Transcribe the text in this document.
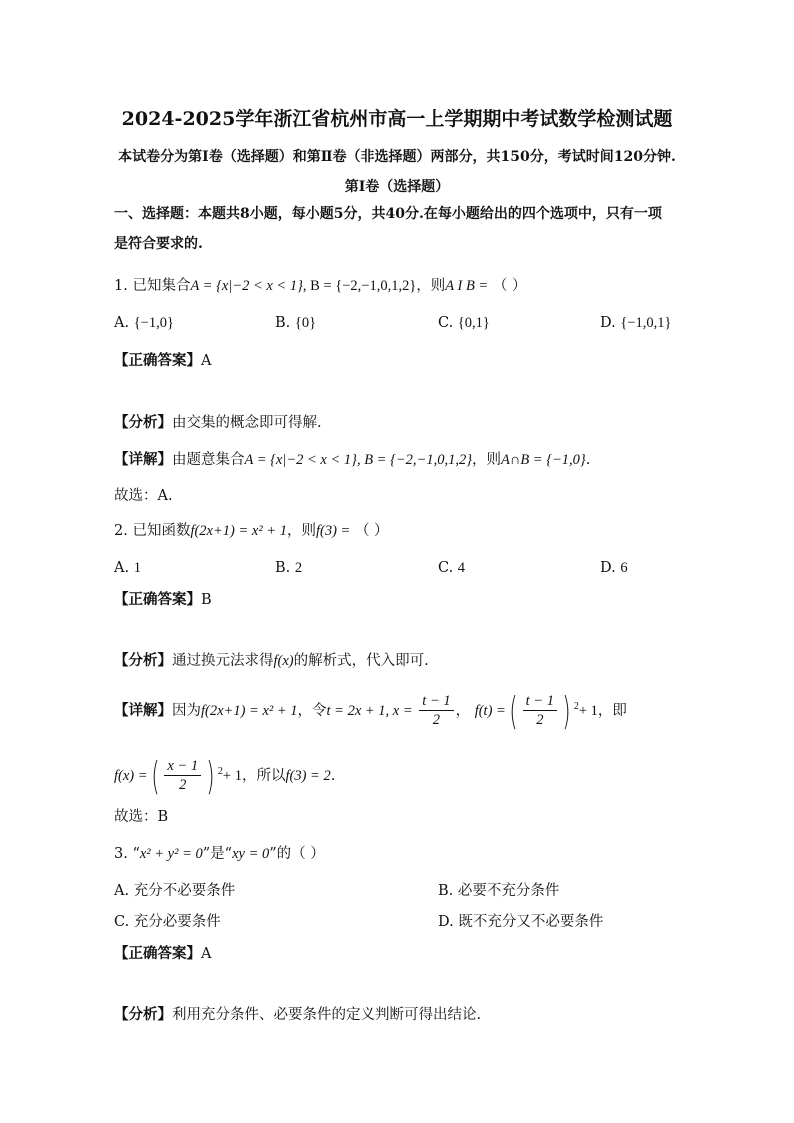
2024-2025学年浙江省杭州市高一上学期期中考试数学检测试题
本试卷分为第Ⅰ卷（选择题）和第Ⅱ卷（非选择题）两部分，共150分，考试时间120分钟.
第Ⅰ卷（选择题）
一、选择题：本题共8小题，每小题5分，共40分.在每小题给出的四个选项中，只有一项
是符合要求的.
1. 已知集合A = {x|−2 < x < 1}, B = {−2,−1,0,1,2}，则A I B = （ ）
A. {−1,0}	B. {0}	C. {0,1}	D. {−1,0,1}
【正确答案】A
【分析】由交集的概念即可得解.
【详解】由题意集合A = {x|−2 < x < 1}, B = {−2,−1,0,1,2}，则A∩B = {−1,0}.
故选：A.
2. 已知函数f(2x+1) = x² + 1，则f(3) = （ ）
A. 1	B. 2	C. 4	D. 6
【正确答案】B
【分析】通过换元法求得f(x)的解析式，代入即可.
【详解】因为f(2x+1) = x² + 1，令t = 2x + 1, $x = \frac{t - 1}{2}$ ， f(t) =( $\frac{t - 1}{2}$ ) $^2$+ 1，即
f(x) =( $\frac{x - 1}{2}$ ) $^2$+ 1，所以f(3) = 2.
故选：B
3. “x² + y² = 0”是“xy = 0”的（ ）
A. 充分不必要条件	B. 必要不充分条件
C. 充分必要条件	D. 既不充分又不必要条件
【正确答案】A
【分析】利用充分条件、必要条件的定义判断可得出结论.
